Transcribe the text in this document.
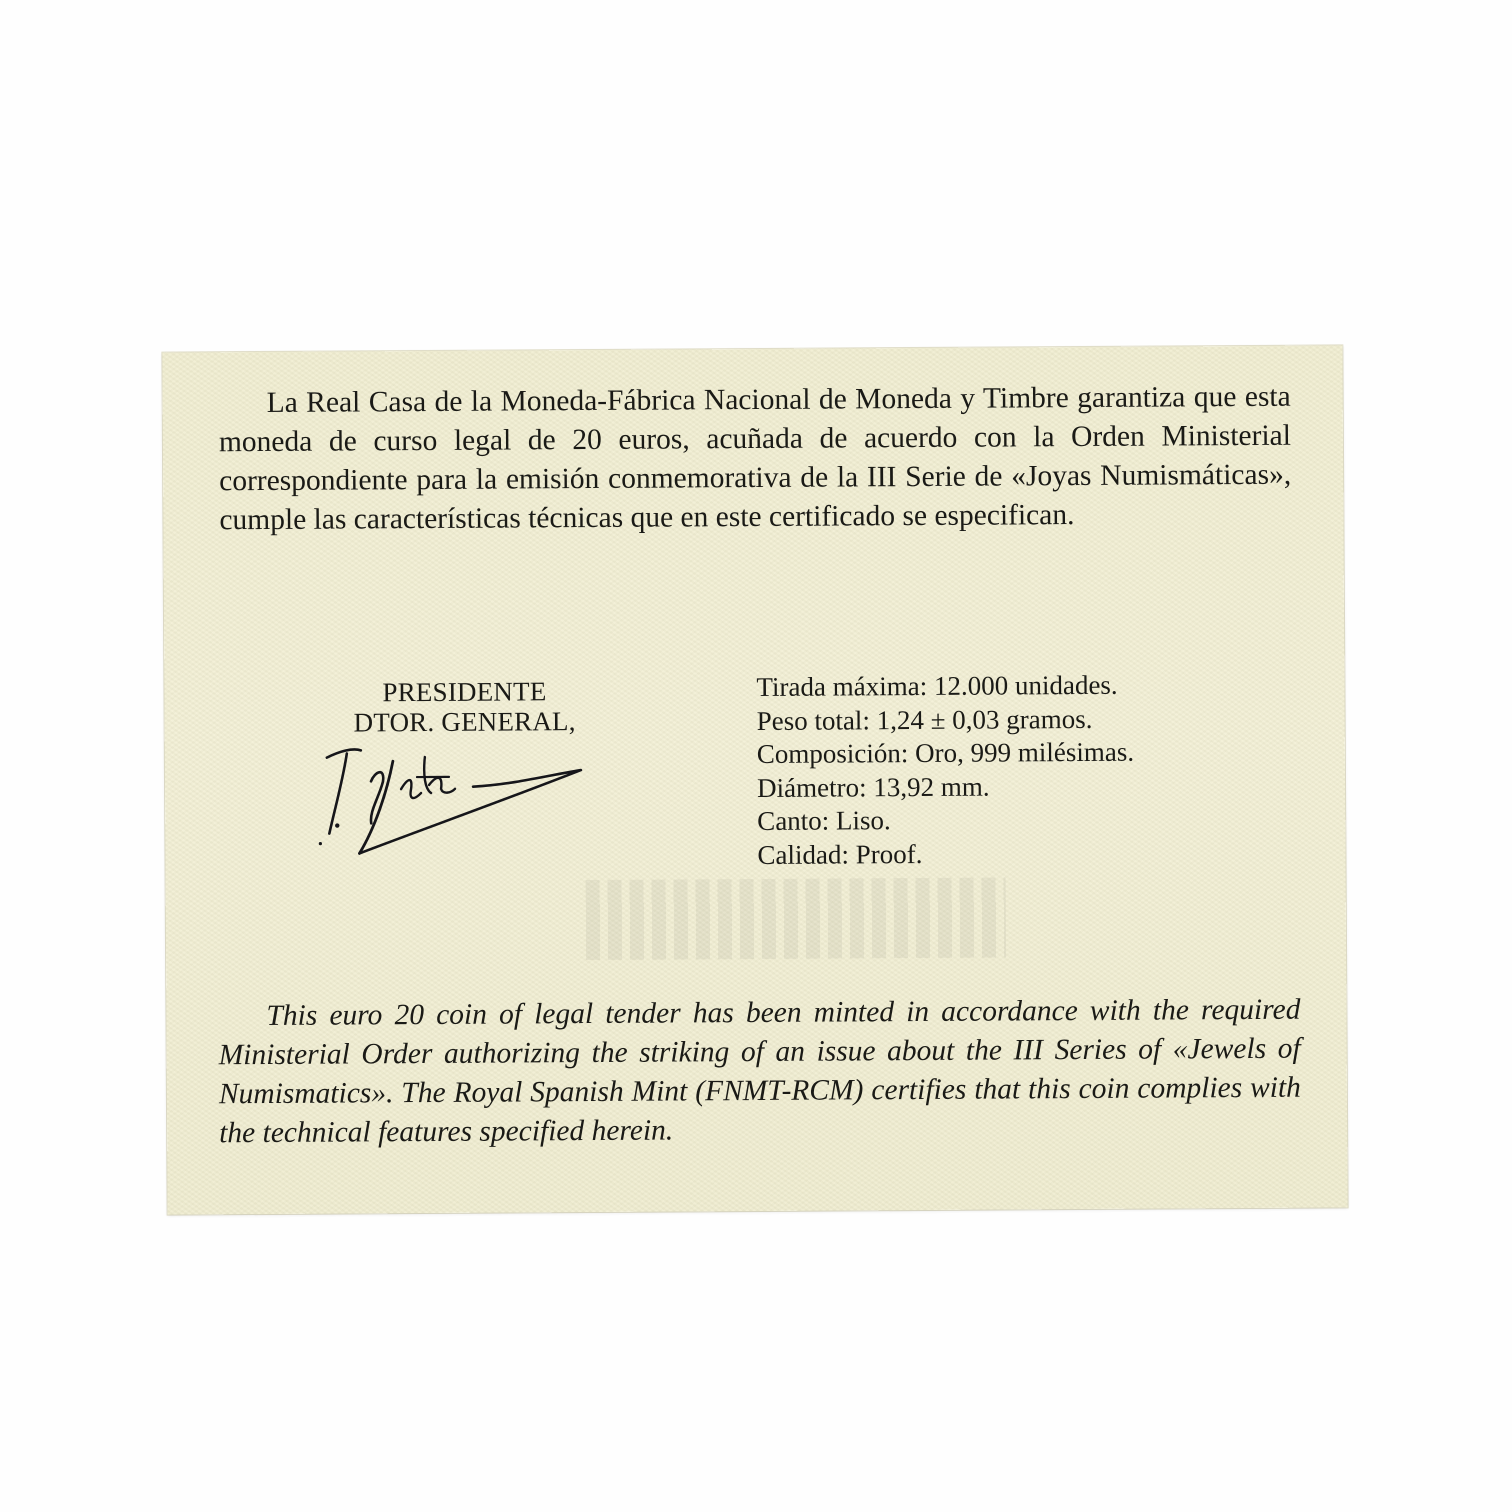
La Real Casa de la Moneda-Fábrica Nacional de Moneda y Timbre garantiza que esta moneda de curso legal de 20 euros, acuñada de acuerdo con la Orden Ministerial correspondiente para la emisión conmemorativa de la III Serie de «Joyas Numismáticas», cumple las características técnicas que en este certificado se especifican.

PRESIDENTE
DTOR. GENERAL,
Tirada máxima: 12.000 unidades.
Peso total: 1,24 ± 0,03 gramos.
Composición: Oro, 999 milésimas.
Diámetro: 13,92 mm.
Canto: Liso.
Calidad: Proof.

This euro 20 coin of legal tender has been minted in accordance with the required Ministerial Order authorizing the striking of an issue about the III Series of «Jewels of Numismatics». The Royal Spanish Mint (FNMT-RCM) certifies that this coin complies with the technical features specified herein.
